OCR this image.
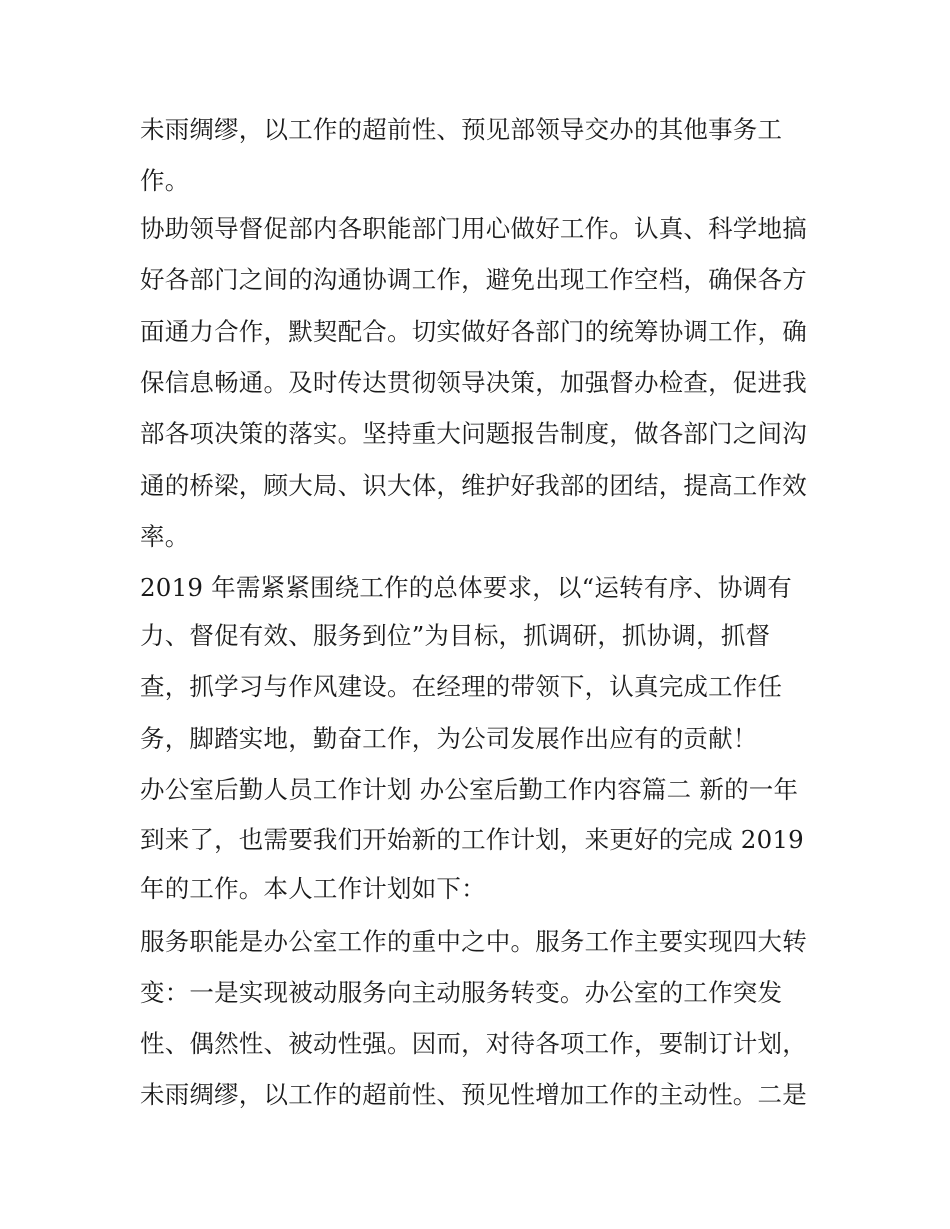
未雨绸缪，以工作的超前性、预见部领导交办的其他事务工
作。
协助领导督促部内各职能部门用心做好工作。认真、科学地搞
好各部门之间的沟通协调工作，避免出现工作空档，确保各方
面通力合作，默契配合。切实做好各部门的统筹协调工作，确
保信息畅通。及时传达贯彻领导决策，加强督办检查，促进我
部各项决策的落实。坚持重大问题报告制度，做各部门之间沟
通的桥梁，顾大局、识大体，维护好我部的团结，提高工作效
率。
2019 年需紧紧围绕工作的总体要求，以“运转有序、协调有
力、督促有效、服务到位”为目标，抓调研，抓协调，抓督
查，抓学习与作风建设。在经理的带领下，认真完成工作任
务，脚踏实地，勤奋工作，为公司发展作出应有的贡献！
办公室后勤人员工作计划 办公室后勤工作内容篇二 新的一年
到来了，也需要我们开始新的工作计划，来更好的完成 2019
年的工作。本人工作计划如下：
服务职能是办公室工作的重中之中。服务工作主要实现四大转
变：一是实现被动服务向主动服务转变。办公室的工作突发
性、偶然性、被动性强。因而，对待各项工作，要制订计划，
未雨绸缪，以工作的超前性、预见性增加工作的主动性。二是
